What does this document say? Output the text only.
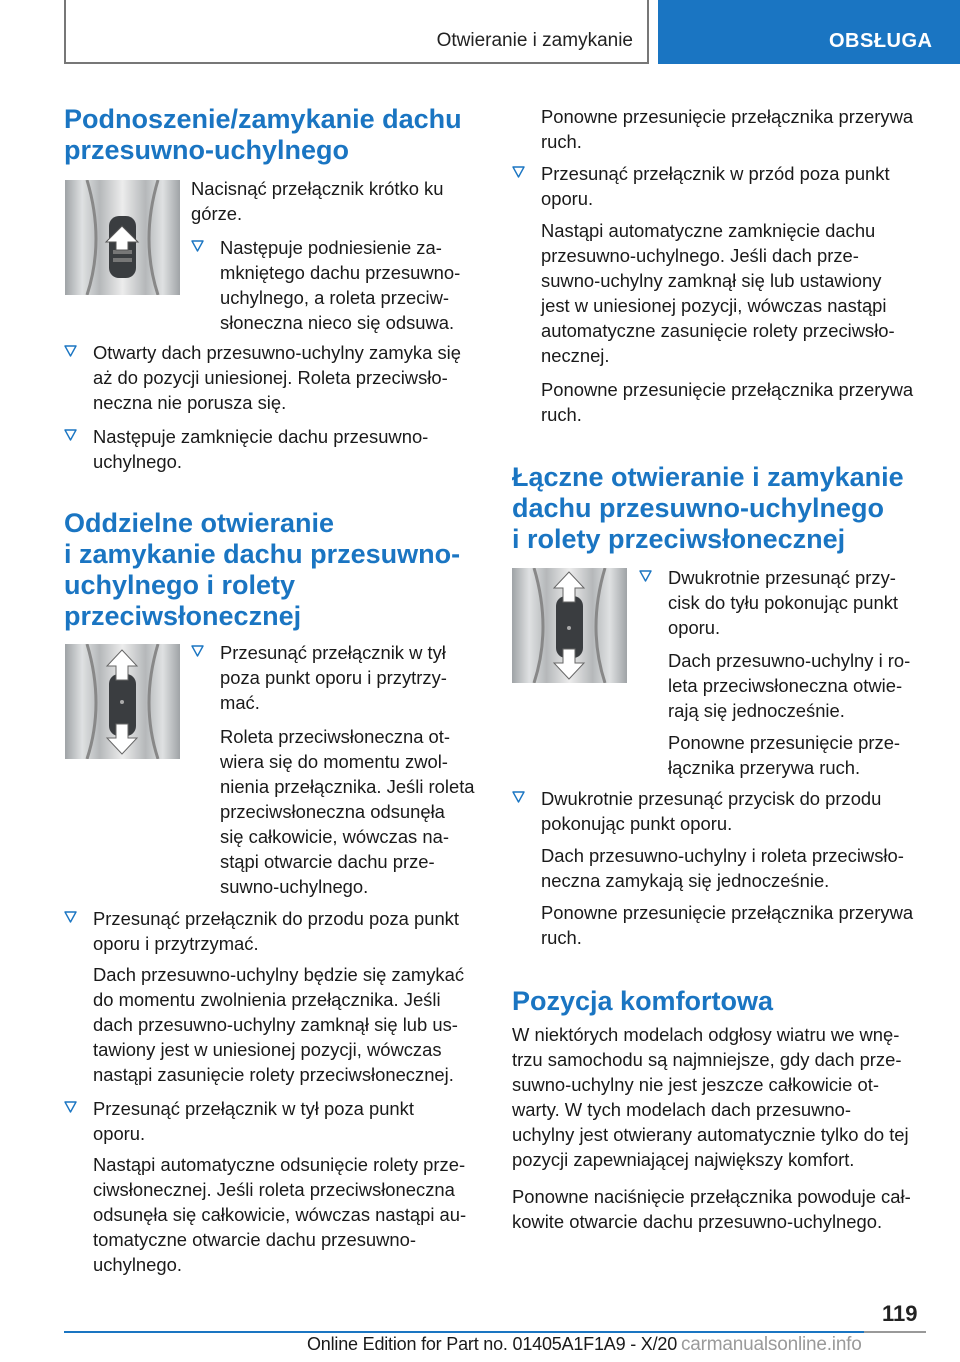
Otwieranie i zamykanie	OBSŁUGA
Podnoszenie/zamykanie dachu
przesuwno-uchylnego

Nacisnąć przełącznik krótko ku

górze.

Następuje podniesienie za-

mkniętego dachu przesuwno-

uchylnego, a roleta przeciw-

słoneczna nieco się odsuwa.

Otwarty dach przesuwno-uchylny zamyka się

aż do pozycji uniesionej. Roleta przeciwsło-

neczna nie porusza się.

Następuje zamknięcie dachu przesuwno-

uchylnego.

Oddzielne otwieranie
i zamykanie dachu przesuwno-
uchylnego i rolety
przeciwsłonecznej

Przesunąć przełącznik w tył

poza punkt oporu i przytrzy-

mać.

Roleta przeciwsłoneczna ot-

wiera się do momentu zwol-

nienia przełącznika. Jeśli roleta

przeciwsłoneczna odsunęła

się całkowicie, wówczas na-

stąpi otwarcie dachu prze-

suwno-uchylnego.

Przesunąć przełącznik do przodu poza punkt

oporu i przytrzymać.

Dach przesuwno-uchylny będzie się zamykać

do momentu zwolnienia przełącznika. Jeśli

dach przesuwno-uchylny zamknął się lub us-

tawiony jest w uniesionej pozycji, wówczas

nastąpi zasunięcie rolety przeciwsłonecznej.

Przesunąć przełącznik w tył poza punkt

oporu.

Nastąpi automatyczne odsunięcie rolety prze-

ciwsłonecznej. Jeśli roleta przeciwsłoneczna

odsunęła się całkowicie, wówczas nastąpi au-

tomatyczne otwarcie dachu przesuwno-

uchylnego.

Ponowne przesunięcie przełącznika przerywa

ruch.

Przesunąć przełącznik w przód poza punkt

oporu.

Nastąpi automatyczne zamknięcie dachu

przesuwno-uchylnego. Jeśli dach prze-

suwno-uchylny zamknął się lub ustawiony

jest w uniesionej pozycji, wówczas nastąpi

automatyczne zasunięcie rolety przeciwsło-

necznej.

Ponowne przesunięcie przełącznika przerywa

ruch.

Łączne otwieranie i zamykanie
dachu przesuwno-uchylnego
i rolety przeciwsłonecznej

Dwukrotnie przesunąć przy-

cisk do tyłu pokonując punkt

oporu.

Dach przesuwno-uchylny i ro-

leta przeciwsłoneczna otwie-

rają się jednocześnie.

Ponowne przesunięcie prze-

łącznika przerywa ruch.

Dwukrotnie przesunąć przycisk do przodu

pokonując punkt oporu.

Dach przesuwno-uchylny i roleta przeciwsło-

neczna zamykają się jednocześnie.

Ponowne przesunięcie przełącznika przerywa

ruch.

Pozycja komfortowa

W niektórych modelach odgłosy wiatru we wnę-

trzu samochodu są najmniejsze, gdy dach prze-

suwno-uchylny nie jest jeszcze całkowicie ot-

warty. W tych modelach dach przesuwno-

uchylny jest otwierany automatycznie tylko do tej

pozycji zapewniającej największy komfort.

Ponowne naciśnięcie przełącznika powoduje cał-

kowite otwarcie dachu przesuwno-uchylnego.

119
Online Edition for Part no. 01405A1F1A9 - X/20 carmanualsonline.info
